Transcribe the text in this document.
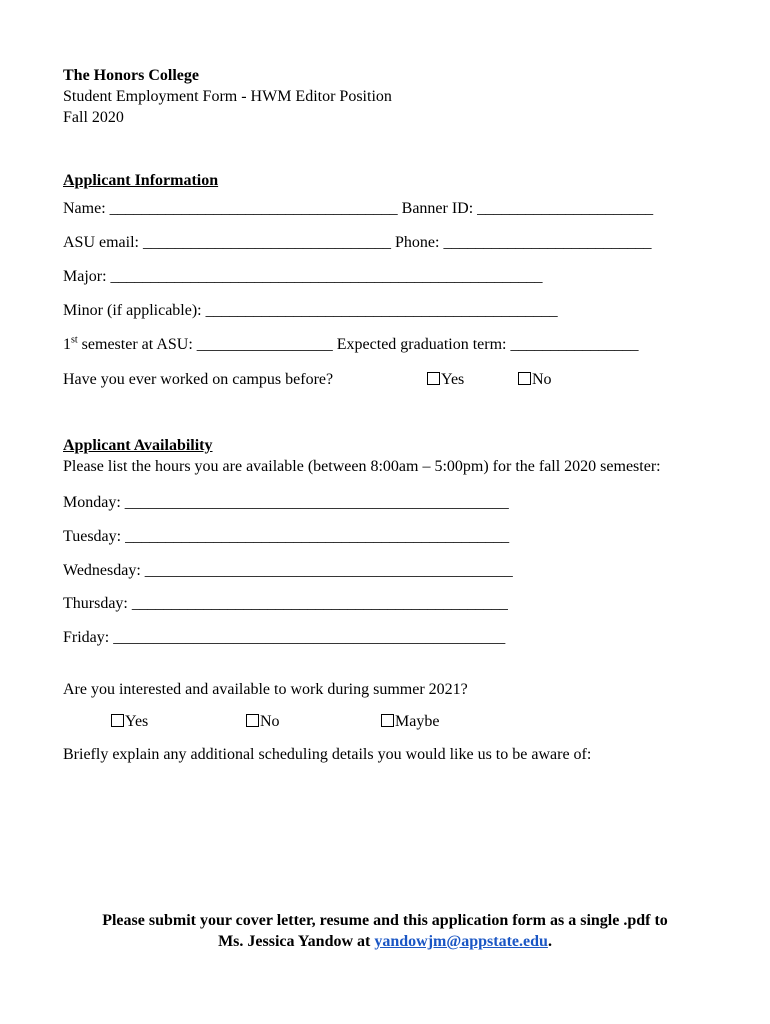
The Honors College
Student Employment Form - HWM Editor Position
Fall 2020
Applicant Information
Name: ____________________________________ Banner ID: ______________________
ASU email: _______________________________ Phone: __________________________
Major: ______________________________________________________
Minor (if applicable): ____________________________________________
1st semester at ASU: _________________ Expected graduation term: ________________
Have you ever worked on campus before?	Yes	No
Applicant Availability
Please list the hours you are available (between 8:00am – 5:00pm) for the fall 2020 semester:
Monday: ________________________________________________
Tuesday: ________________________________________________
Wednesday: ______________________________________________
Thursday: _______________________________________________
Friday: _________________________________________________
Are you interested and available to work during summer 2021?
Yes	No	Maybe
Briefly explain any additional scheduling details you would like us to be aware of:
Please submit your cover letter, resume and this application form as a single .pdf to
Ms. Jessica Yandow at yandowjm@appstate.edu.
